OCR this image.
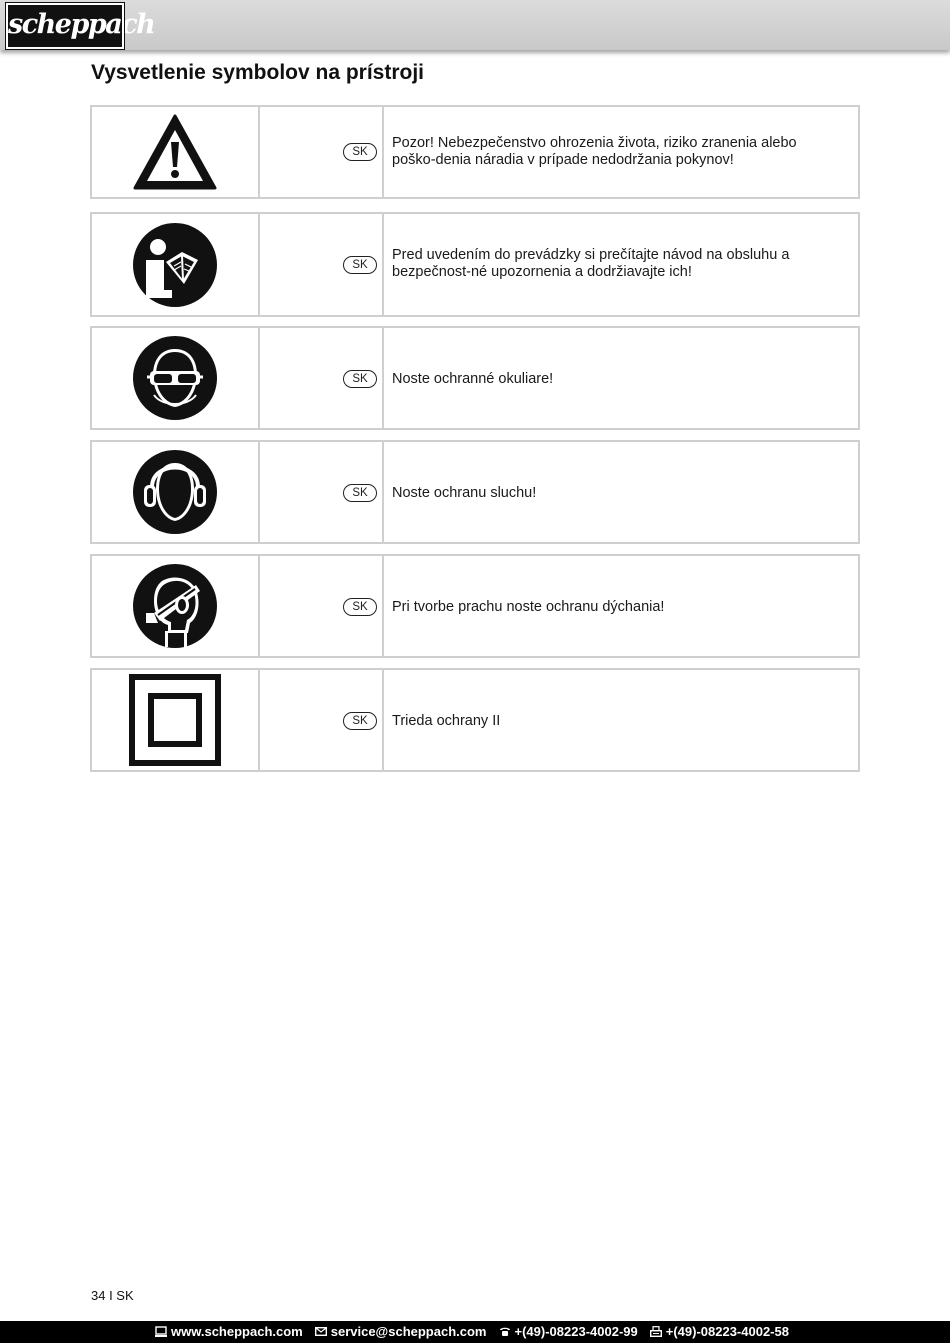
scheppach
Vysvetlenie symbolov na prístroji
SK
Pozor! Nebezpečenstvo ohrozenia života, riziko zranenia alebo poško-denia náradia v prípade nedodržania pokynov!
SK
Pred uvedením do prevádzky si prečítajte návod na obsluhu a bezpečnost-né upozornenia a dodržiavajte ich!
SK	Noste ochranné okuliare!
SK	Noste ochranu sluchu!
SK	Pri tvorbe prachu noste ochranu dýchania!
SK	Trieda ochrany II
34 I SK
www.scheppach.com service@scheppach.com +(49)-08223-4002-99 +(49)-08223-4002-58
